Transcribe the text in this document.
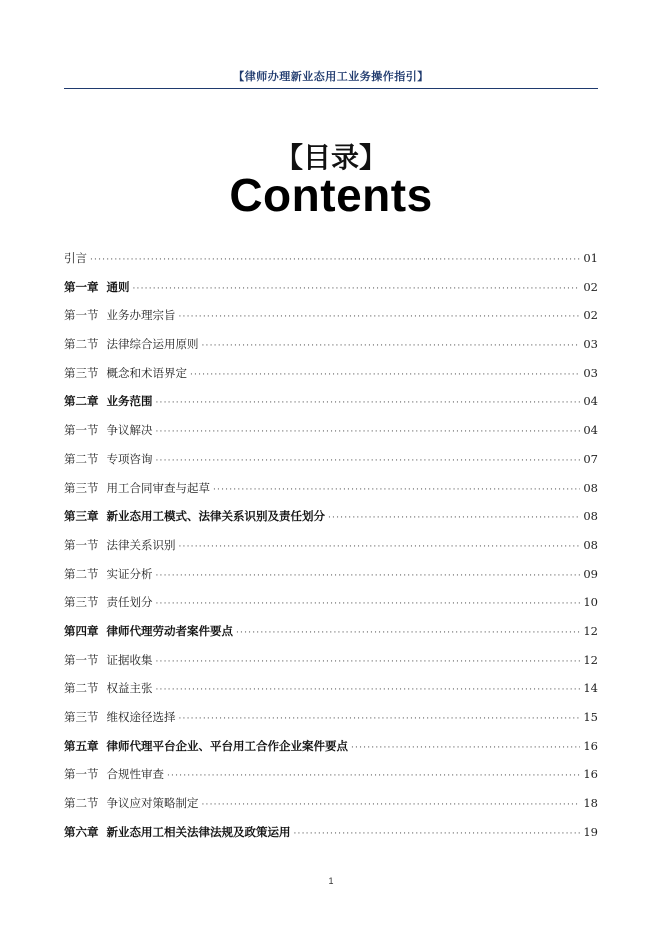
【律师办理新业态用工业务操作指引】
【目录】
Contents
引言 ·····	01
第一章 通则 ·····	02
第一节 业务办理宗旨 ·····	02
第二节 法律综合运用原则 ·····	03
第三节 概念和术语界定 ·····	03
第二章 业务范围 ·····	04
第一节 争议解决 ·····	04
第二节 专项咨询 ·····	07
第三节 用工合同审查与起草 ·····	08
第三章 新业态用工模式、法律关系识别及责任划分 ·····	08
第一节 法律关系识别 ·····	08
第二节 实证分析 ·····	09
第三节 责任划分 ·····	10
第四章 律师代理劳动者案件要点 ·····	12
第一节 证据收集 ·····	12
第二节 权益主张 ·····	14
第三节 维权途径选择 ·····	15
第五章 律师代理平台企业、平台用工合作企业案件要点 ·····	16
第一节 合规性审查 ·····	16
第二节 争议应对策略制定 ·····	18
第六章 新业态用工相关法律法规及政策运用 ·····	19
1
